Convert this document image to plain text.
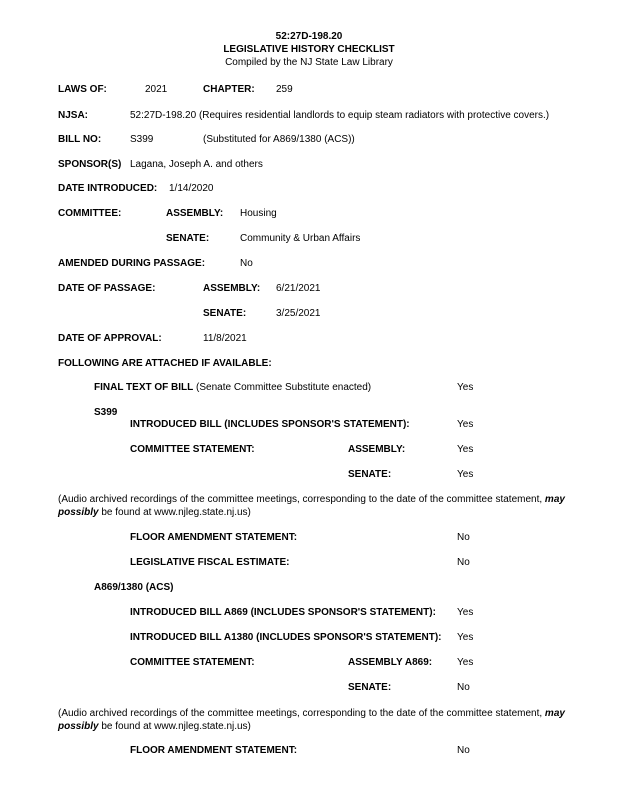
52:27D-198.20
LEGISLATIVE HISTORY CHECKLIST
Compiled by the NJ State Law Library
LAWS OF:	2021	CHAPTER: 259
NJSA:	52:27D-198.20 (Requires residential landlords to equip steam radiators with protective covers.)
BILL NO:	S399	(Substituted for A869/1380 (ACS))
SPONSOR(S) Lagana, Joseph A. and others
DATE INTRODUCED: 1/14/2020
COMMITTEE:	ASSEMBLY: Housing
SENATE:	Community & Urban Affairs
AMENDED DURING PASSAGE:	No
DATE OF PASSAGE:	ASSEMBLY: 6/21/2021
SENATE:	3/25/2021
DATE OF APPROVAL:	11/8/2021
FOLLOWING ARE ATTACHED IF AVAILABLE:
FINAL TEXT OF BILL (Senate Committee Substitute enacted)	Yes
S399
INTRODUCED BILL (INCLUDES SPONSOR'S STATEMENT):	Yes
COMMITTEE STATEMENT:	ASSEMBLY:	Yes
SENATE:	Yes
(Audio archived recordings of the committee meetings, corresponding to the date of the committee statement, may possibly be found at www.njleg.state.nj.us)
FLOOR AMENDMENT STATEMENT:	No
LEGISLATIVE FISCAL ESTIMATE:	No
A869/1380 (ACS)
INTRODUCED BILL A869 (INCLUDES SPONSOR'S STATEMENT): Yes
INTRODUCED BILL A1380 (INCLUDES SPONSOR'S STATEMENT): Yes
COMMITTEE STATEMENT:	ASSEMBLY A869: Yes
SENATE:	No
(Audio archived recordings of the committee meetings, corresponding to the date of the committee statement, may possibly be found at www.njleg.state.nj.us)
FLOOR AMENDMENT STATEMENT:	No
